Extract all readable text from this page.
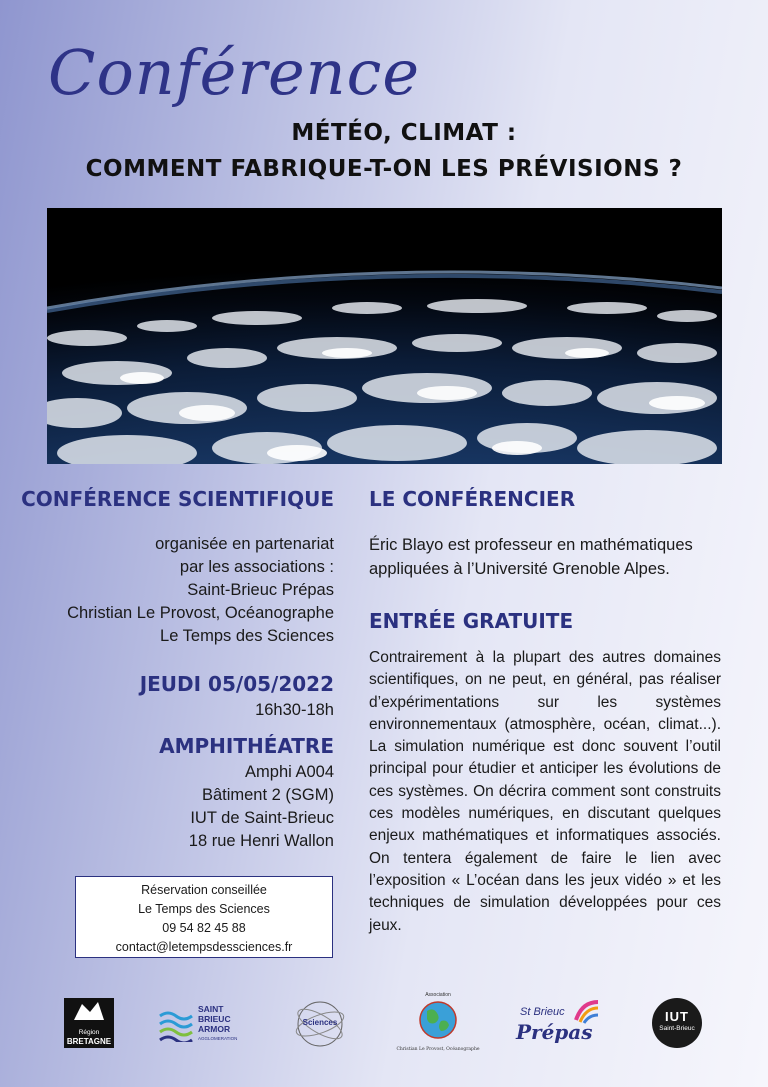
Conférence
MÉTÉO, CLIMAT :
COMMENT FABRIQUE-T-ON LES PRÉVISIONS ?
CONFÉRENCE SCIENTIFIQUE
organisée en partenariat
par les associations :
Saint-Brieuc Prépas
Christian Le Provost, Océanographe
Le Temps des Sciences
JEUDI 05/05/2022
16h30-18h
AMPHITHÉATRE
Amphi A004
Bâtiment 2 (SGM)
IUT de Saint-Brieuc
18 rue Henri Wallon
Réservation conseillée
Le Temps des Sciences
09 54 82 45 88
contact@letempsdessciences.fr
LE CONFÉRENCIER
Éric Blayo est professeur en mathématiques appliquées à l’Université Grenoble Alpes.
ENTRÉE GRATUITE
Contrairement à la plupart des autres domaines scientifiques, on ne peut, en général, pas réaliser d’expérimentations sur les systèmes environnementaux (atmosphère, océan, climat...). La simulation numérique est donc souvent l’outil principal pour étudier et anticiper les évolutions de ces systèmes. On décrira comment sont construits ces modèles numériques, en discutant quelques enjeux mathématiques et informatiques associés. On tentera également de faire le lien avec l’exposition « L’océan dans les jeux vidéo » et les techniques de simulation développées pour ces jeux.
Région
BRETAGNE
SAINT
BRIEUC
ARMOR
AGGLOMERATION
Sciences
Association
Christian Le Provost, Océanographe
St Brieuc
Prépas
IUT
Saint-Brieuc
